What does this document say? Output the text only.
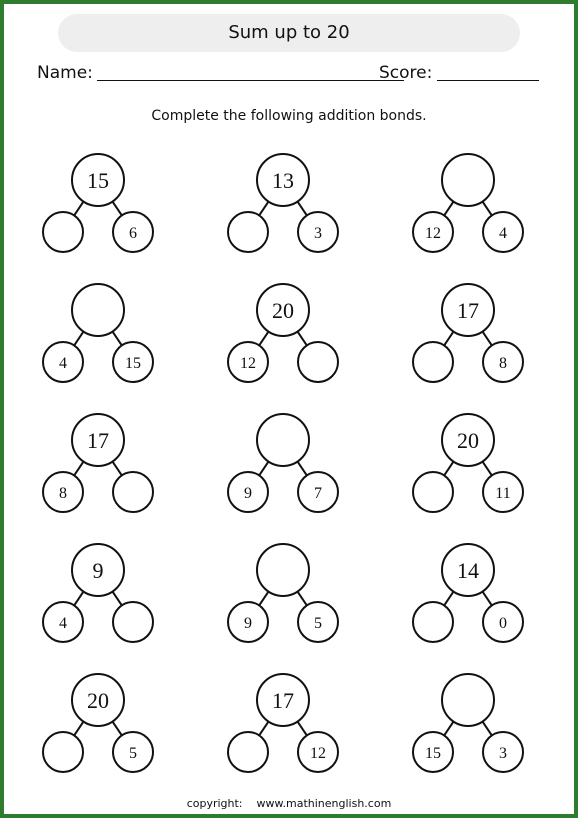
Sum up to 20
Name:	Score:
Complete the following addition bonds.
15
6
13
3	12	4
4	15
20
12
17
8
17
8	9	7
20
11
9
4	9	5
14
0
20
5
17
12	15	3
copyright: www.mathinenglish.com
